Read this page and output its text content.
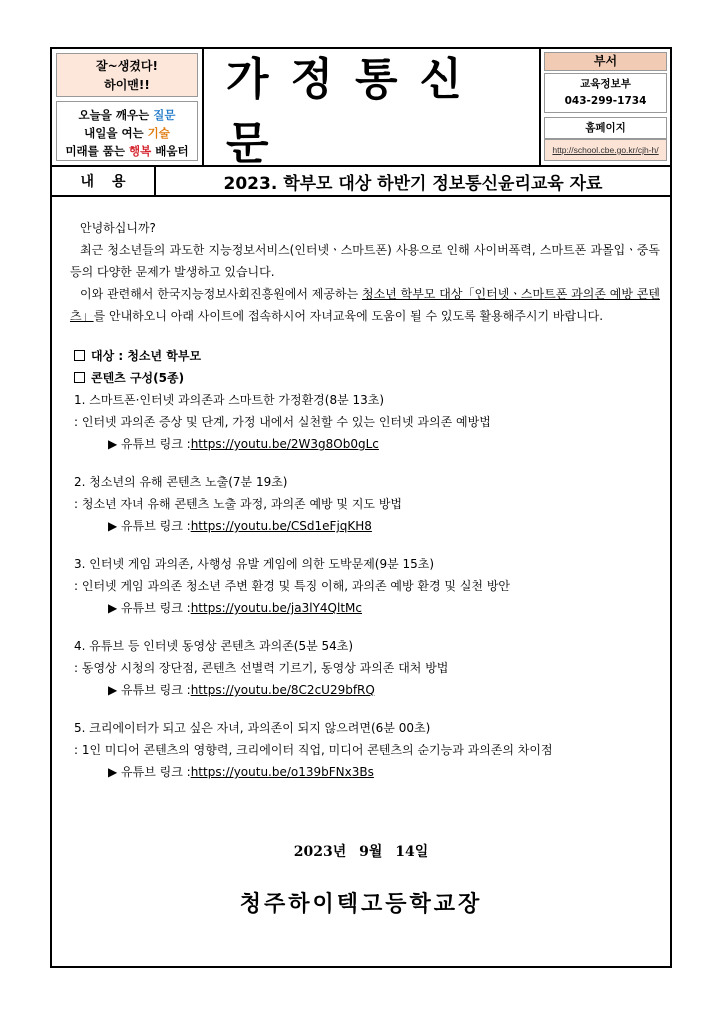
잘~생겼다!
하이맨!!
오늘을 깨우는 질문
내일을 여는 기술
미래를 품는 행복 배움터
가정통신문
부서
교육정보부
043-299-1734
홈페이지
http://school.cbe.go.kr/cjh-h/
내용	2023. 학부모 대상 하반기 정보통신윤리교육 자료
안녕하십니까?
최근 청소년들의 과도한 지능정보서비스(인터넷ㆍ스마트폰) 사용으로 인해 사이버폭력, 스마트폰 과몰입ㆍ중독 등의 다양한 문제가 발생하고 있습니다.
이와 관련해서 한국지능정보사회진흥원에서 제공하는 청소년 학부모 대상「인터넷ㆍ스마트폰 과의존 예방 콘텐츠」를 안내하오니 아래 사이트에 접속하시어 자녀교육에 도움이 될 수 있도록 활용해주시기 바랍니다.
대상 : 청소년 학부모
콘텐츠 구성(5종)
1. 스마트폰·인터넷 과의존과 스마트한 가정환경(8분 13초)
: 인터넷 과의존 증상 및 단계, 가정 내에서 실천할 수 있는 인터넷 과의존 예방법
▶ 유튜브 링크 :https://youtu.be/2W3g8Ob0gLc
2. 청소년의 유해 콘텐츠 노출(7분 19초)
: 청소년 자녀 유해 콘텐츠 노출 과정, 과의존 예방 및 지도 방법
▶ 유튜브 링크 :https://youtu.be/CSd1eFjqKH8
3. 인터넷 게임 과의존, 사행성 유발 게임에 의한 도박문제(9분 15초)
: 인터넷 게임 과의존 청소년 주변 환경 및 특징 이해, 과의존 예방 환경 및 실천 방안
▶ 유튜브 링크 :https://youtu.be/ja3lY4QltMc
4. 유튜브 등 인터넷 동영상 콘텐츠 과의존(5분 54초)
: 동영상 시청의 장단점, 콘텐츠 선별력 기르기, 동영상 과의존 대처 방법
▶ 유튜브 링크 :https://youtu.be/8C2cU29bfRQ
5. 크리에이터가 되고 싶은 자녀, 과의존이 되지 않으려면(6분 00초)
: 1인 미디어 콘텐츠의 영향력, 크리에이터 직업, 미디어 콘텐츠의 순기능과 과의존의 차이점
▶ 유튜브 링크 :https://youtu.be/o139bFNx3Bs
2023년 9월 14일
청주하이텍고등학교장
